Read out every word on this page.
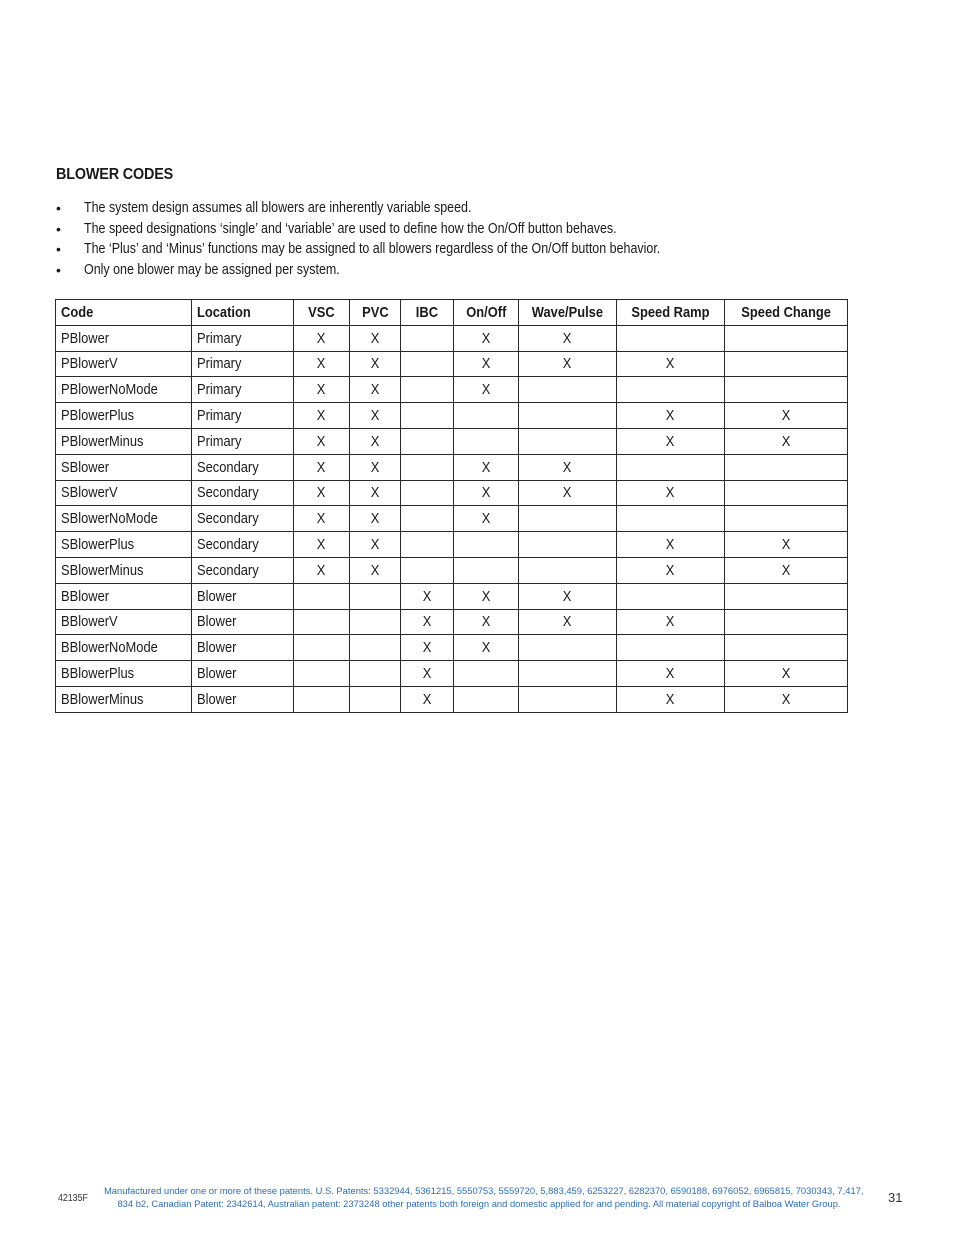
BLOWER CODES
•	The system design assumes all blowers are inherently variable speed.
•	The speed designations ‘single’ and ‘variable’ are used to define how the On/Off button behaves.
•	The ‘Plus’ and ‘Minus’ functions may be assigned to all blowers regardless of the On/Off button behavior.
•	Only one blower may be assigned per system.
Code	Location	VSC	PVC	IBC	On/Off	Wave/Pulse	Speed Ramp	Speed Change
PBlower	Primary	X	X		X	X		
PBlowerV	Primary	X	X		X	X	X	
PBlowerNoMode	Primary	X	X		X			
PBlowerPlus	Primary	X	X				X	X
PBlowerMinus	Primary	X	X				X	X
SBlower	Secondary	X	X		X	X		
SBlowerV	Secondary	X	X		X	X	X	
SBlowerNoMode	Secondary	X	X		X			
SBlowerPlus	Secondary	X	X				X	X
SBlowerMinus	Secondary	X	X				X	X
BBlower	Blower			X	X	X		
BBlowerV	Blower			X	X	X	X	
BBlowerNoMode	Blower			X	X			
BBlowerPlus	Blower			X			X	X
BBlowerMinus	Blower			X			X	X
42135F
Manufactured under one or more of these patents. U.S. Patents: 5332944, 5361215, 5550753, 5559720, 5,883,459, 6253227, 6282370, 6590188, 6976052, 6965815, 7030343, 7,417,
834 b2, Canadian Patent: 2342614, Australian patent: 2373248 other patents both foreign and domestic applied for and pending. All material copyright of Balboa Water Group.	31
